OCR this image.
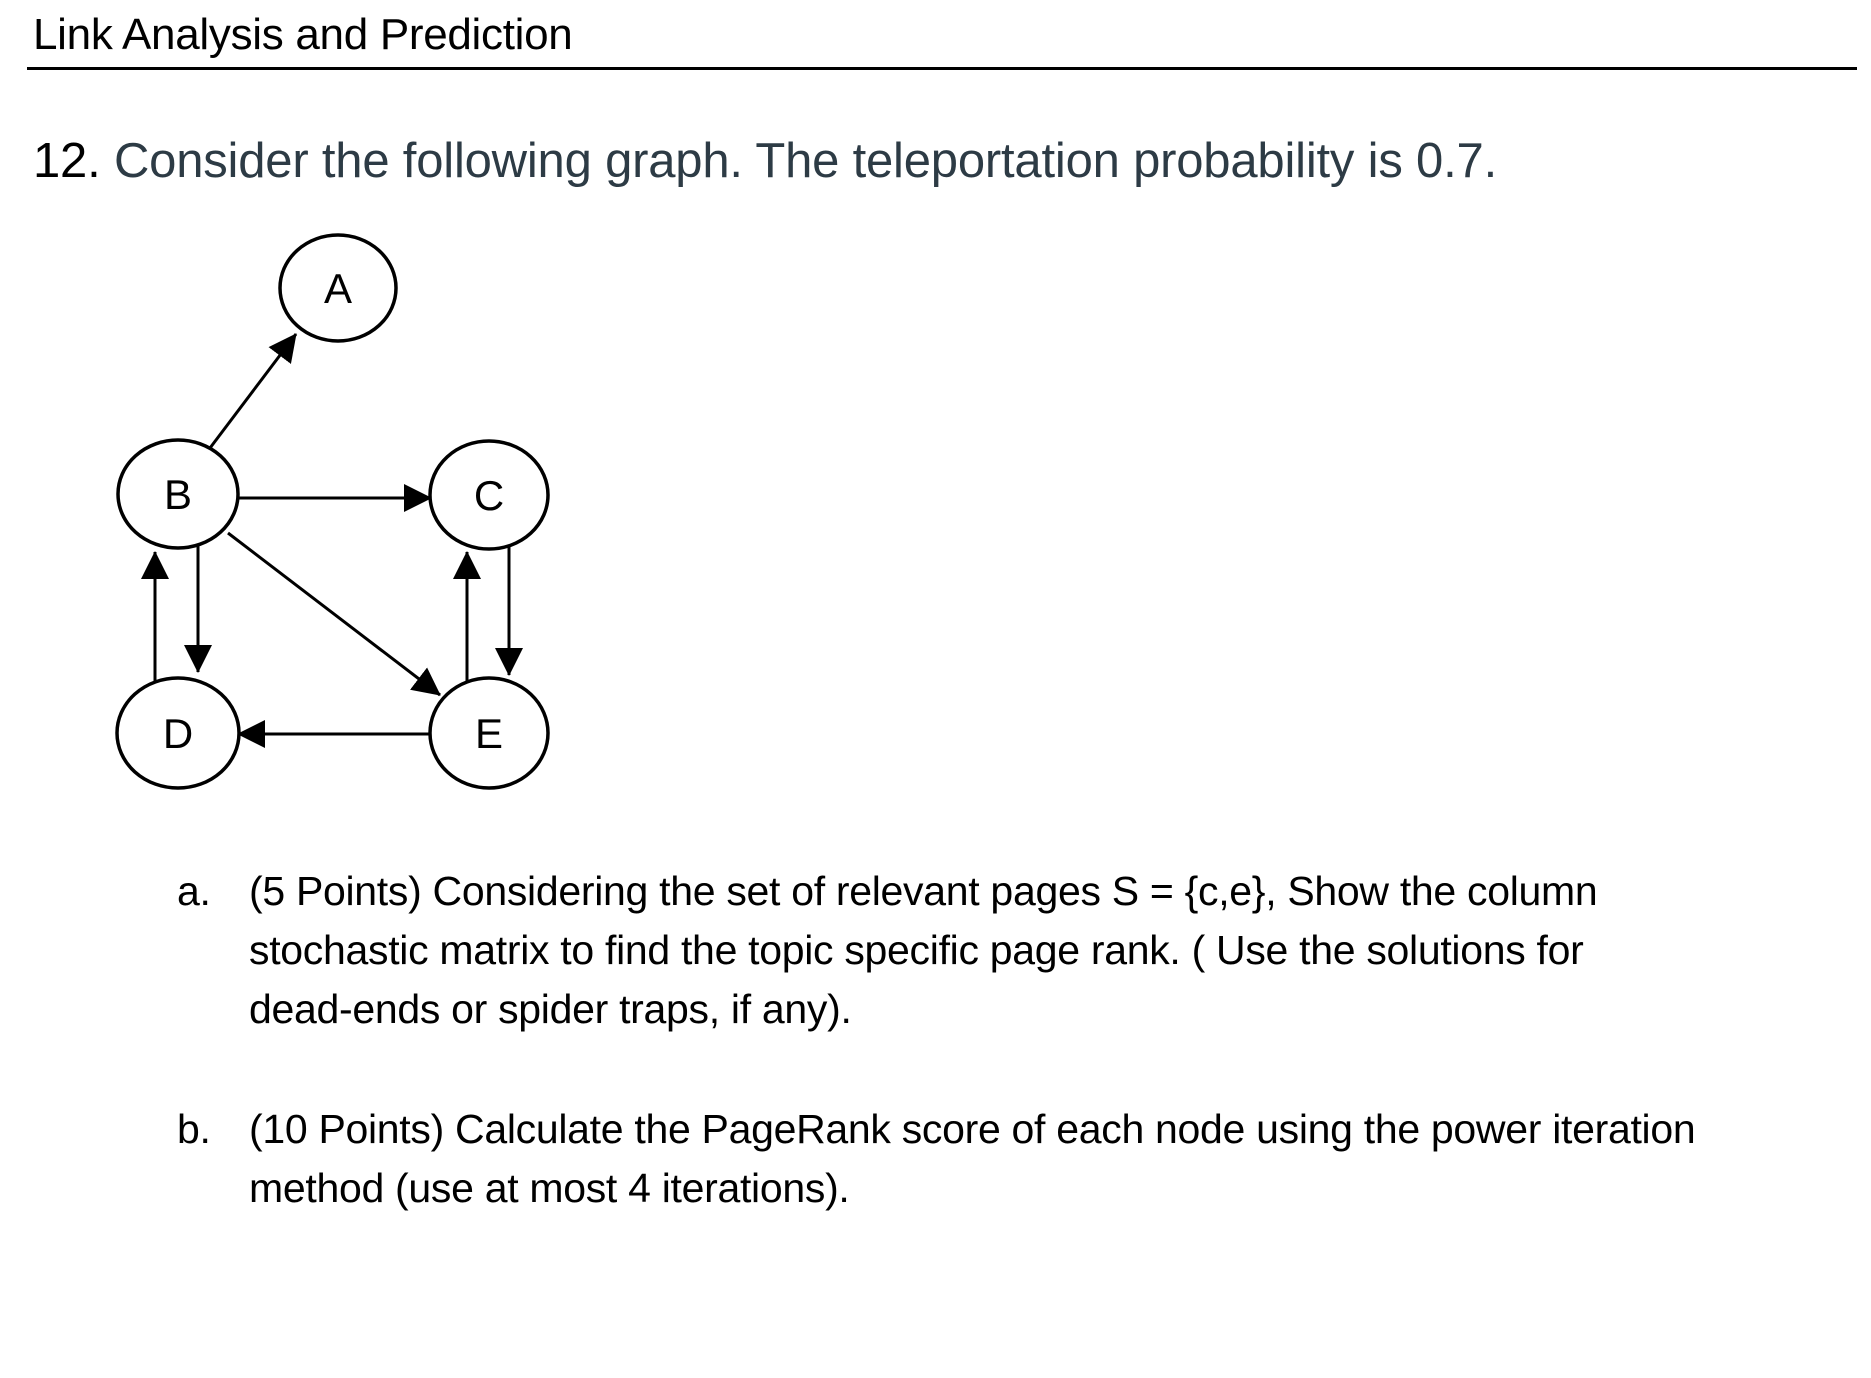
Link Analysis and Prediction
12. Consider the following graph. The teleportation probability is 0.7.
A
B	C
D	E
a. (5 Points) Considering the set of relevant pages S = {c,e}, Show the column
stochastic matrix to find the topic specific page rank. ( Use the solutions for
dead-ends or spider traps, if any).
b. (10 Points) Calculate the PageRank score of each node using the power iteration
method (use at most 4 iterations).
